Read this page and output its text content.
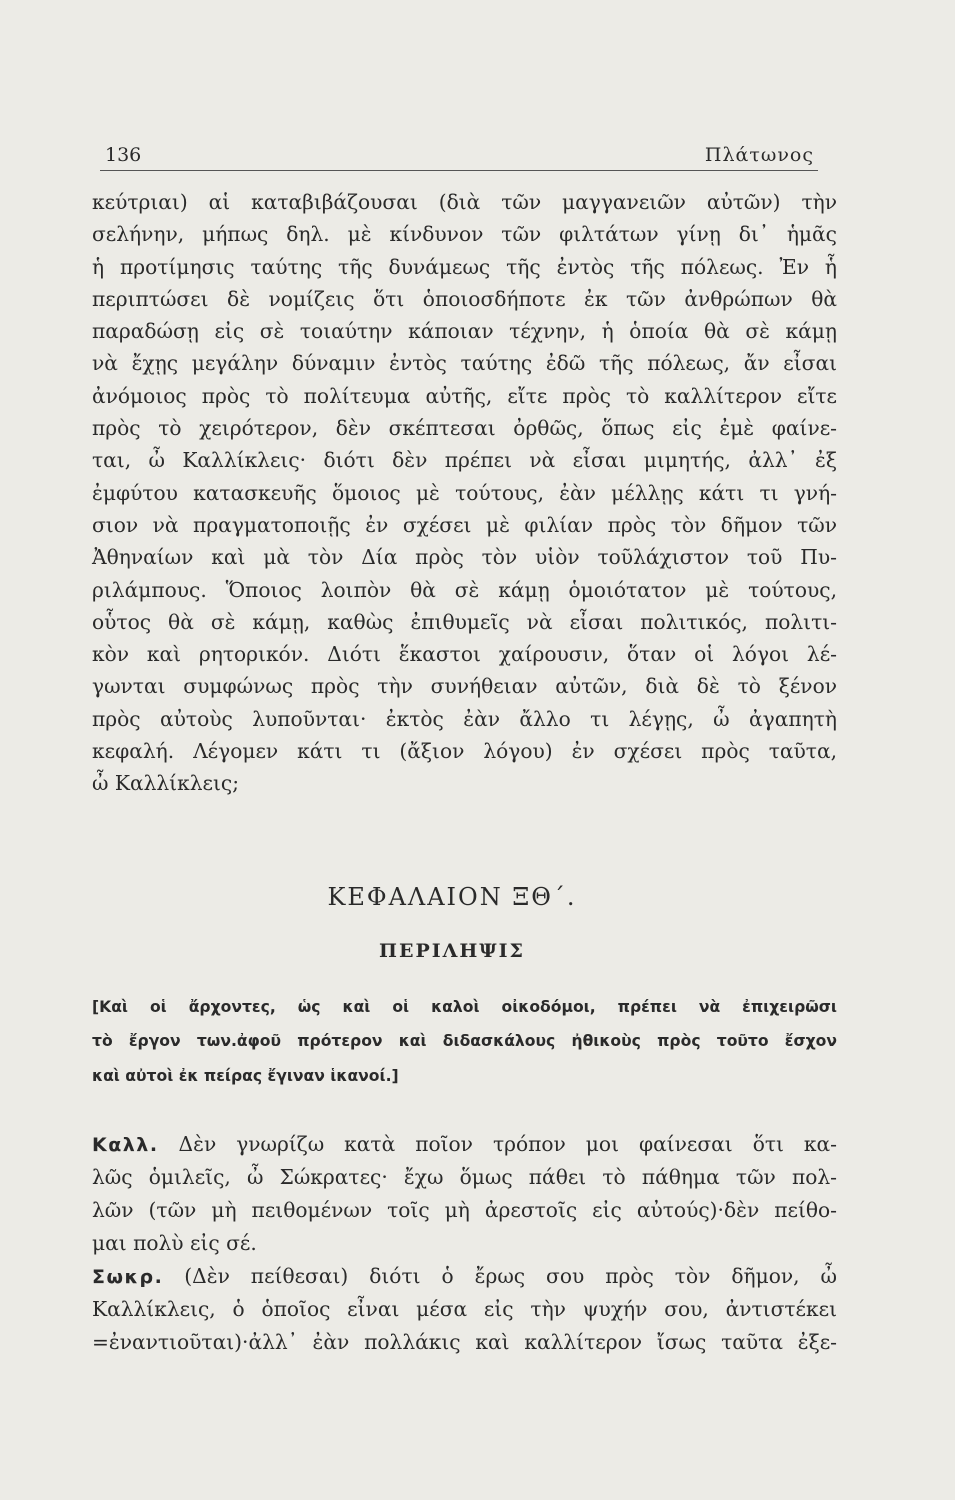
136	Πλάτωνος
κεύτριαι) αἱ καταβιβάζουσαι (διὰ τῶν μαγγανειῶν αὐτῶν) τὴν
σελήνην, μήπως δηλ. μὲ κίνδυνον τῶν φιλτάτων γίνῃ δι᾿ ἡμᾶς
ἡ προτίμησις ταύτης τῆς δυνάμεως τῆς ἐντὸς τῆς πόλεως. Ἐν ἧ
περιπτώσει δὲ νομίζεις ὅτι ὁποιοσδήποτε ἐκ τῶν ἀνθρώπων θὰ
παραδώσῃ εἰς σὲ τοιαύτην κάποιαν τέχνην, ἡ ὁποία θὰ σὲ κάμῃ
νὰ ἔχῃς μεγάλην δύναμιν ἐντὸς ταύτης ἐδῶ τῆς πόλεως, ἄν εἶσαι
ἀνόμοιος πρὸς τὸ πολίτευμα αὐτῆς, εἴτε πρὸς τὸ καλλίτερον εἴτε
πρὸς τὸ χειρότερον, δὲν σκέπτεσαι ὀρθῶς, ὅπως εἰς ἐμὲ φαίνε-
ται, ὦ Καλλίκλεις· διότι δὲν πρέπει νὰ εἶσαι μιμητής, ἀλλ᾿ ἐξ
ἐμφύτου κατασκευῆς ὅμοιος μὲ τούτους, ἐὰν μέλλῃς κάτι τι γνή-
σιον νὰ πραγματοποιῇς ἐν σχέσει μὲ φιλίαν πρὸς τὸν δῆμον τῶν
Ἀθηναίων καὶ μὰ τὸν Δία πρὸς τὸν υἱὸν τοῦλάχιστον τοῦ Πυ-
ριλάμπους. Ὅποιος λοιπὸν θὰ σὲ κάμῃ ὁμοιότατον μὲ τούτους,
οὗτος θὰ σὲ κάμῃ, καθὼς ἐπιθυμεῖς νὰ εἶσαι πολιτικός, πολιτι-
κὸν καὶ ρητορικόν. Διότι ἕκαστοι χαίρουσιν, ὅταν οἱ λόγοι λέ-
γωνται συμφώνως πρὸς τὴν συνήθειαν αὐτῶν, διὰ δὲ τὸ ξένον
πρὸς αὐτοὺς λυποῦνται· ἐκτὸς ἐὰν ἄλλο τι λέγῃς, ὦ ἀγαπητὴ
κεφαλή. Λέγομεν κάτι τι (ἄξιον λόγου) ἐν σχέσει πρὸς ταῦτα,
ὦ Καλλίκλεις;
ΚΕΦΑΛΑΙΟΝ ΞΘ΄.
ΠΕΡΙΛΗΨΙΣ
[Καὶ οἱ ἄρχοντες, ὡς καὶ οἱ καλοὶ οἰκοδόμοι, πρέπει νὰ ἐπιχειρῶσι
τὸ ἔργον των.ἀφοῦ πρότερον καὶ διδασκάλους ἠθικοὺς πρὸς τοῦτο ἔσχον
καὶ αὐτοὶ ἐκ πείρας ἔγιναν ἱκανοί.]
Καλλ. Δὲν γνωρίζω κατὰ ποῖον τρόπον μοι φαίνεσαι ὅτι κα-
λῶς ὁμιλεῖς, ὦ Σώκρατες· ἔχω ὅμως πάθει τὸ πάθημα τῶν πολ-
λῶν (τῶν μὴ πειθομένων τοῖς μὴ ἀρεστοῖς εἰς αὐτούς)·δὲν πείθο-
μαι πολὺ εἰς σέ.
Σωκρ. (Δὲν πείθεσαι) διότι ὁ ἔρως σου πρὸς τὸν δῆμον, ὦ
Καλλίκλεις, ὁ ὁποῖος εἶναι μέσα εἰς τὴν ψυχήν σου, ἀντιστέκει
=ἐναντιοῦται)·ἀλλ᾿ ἐὰν πολλάκις καὶ καλλίτερον ἴσως ταῦτα ἐξε-
